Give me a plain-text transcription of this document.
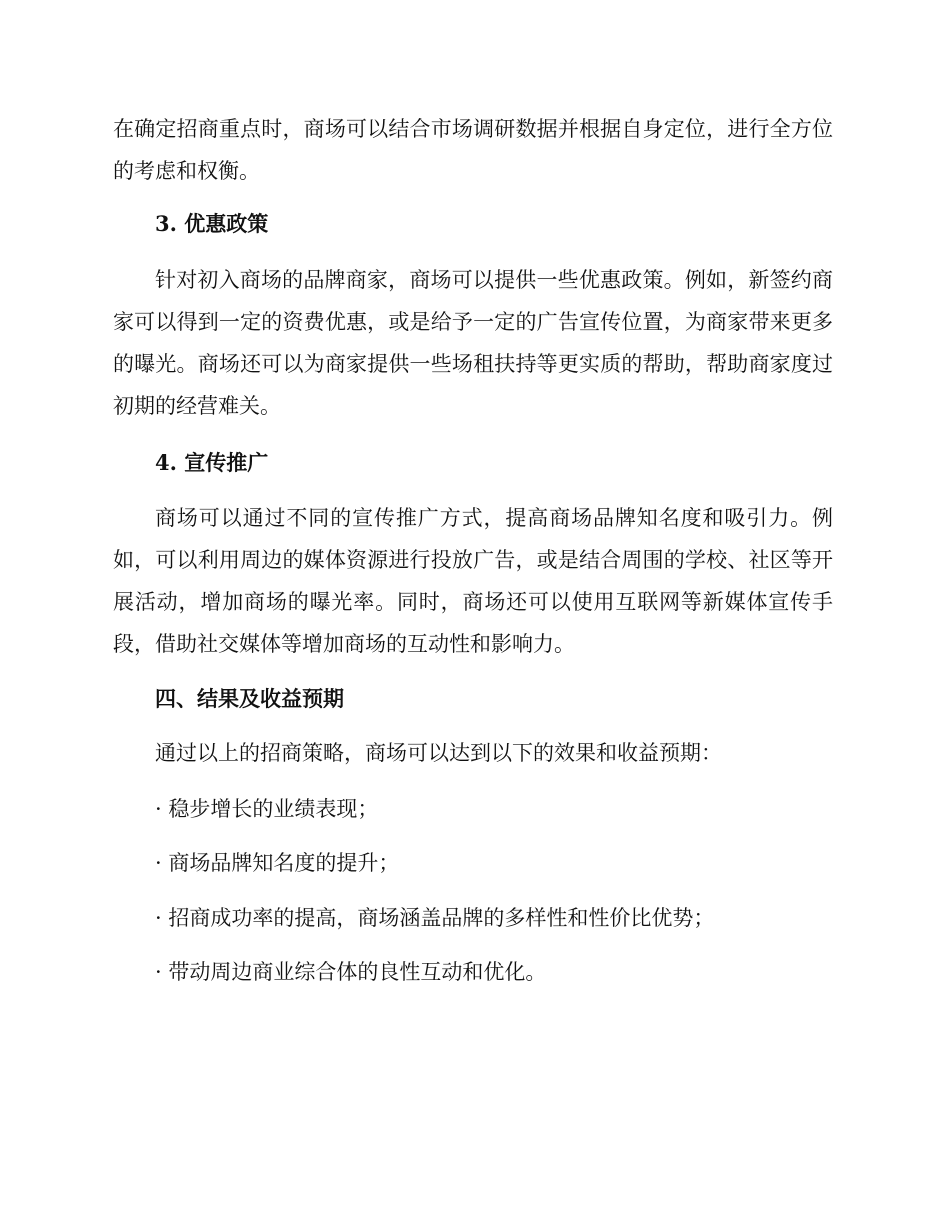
在确定招商重点时，商场可以结合市场调研数据并根据自身定位，进行全方位的考虑和权衡。

3. 优惠政策

针对初入商场的品牌商家，商场可以提供一些优惠政策。例如，新签约商家可以得到一定的资费优惠，或是给予一定的广告宣传位置，为商家带来更多的曝光。商场还可以为商家提供一些场租扶持等更实质的帮助，帮助商家度过初期的经营难关。

4. 宣传推广

商场可以通过不同的宣传推广方式，提高商场品牌知名度和吸引力。例如，可以利用周边的媒体资源进行投放广告，或是结合周围的学校、社区等开展活动，增加商场的曝光率。同时，商场还可以使用互联网等新媒体宣传手段，借助社交媒体等增加商场的互动性和影响力。

四、结果及收益预期

通过以上的招商策略，商场可以达到以下的效果和收益预期：

· 稳步增长的业绩表现；

· 商场品牌知名度的提升；

· 招商成功率的提高，商场涵盖品牌的多样性和性价比优势；

· 带动周边商业综合体的良性互动和优化。
